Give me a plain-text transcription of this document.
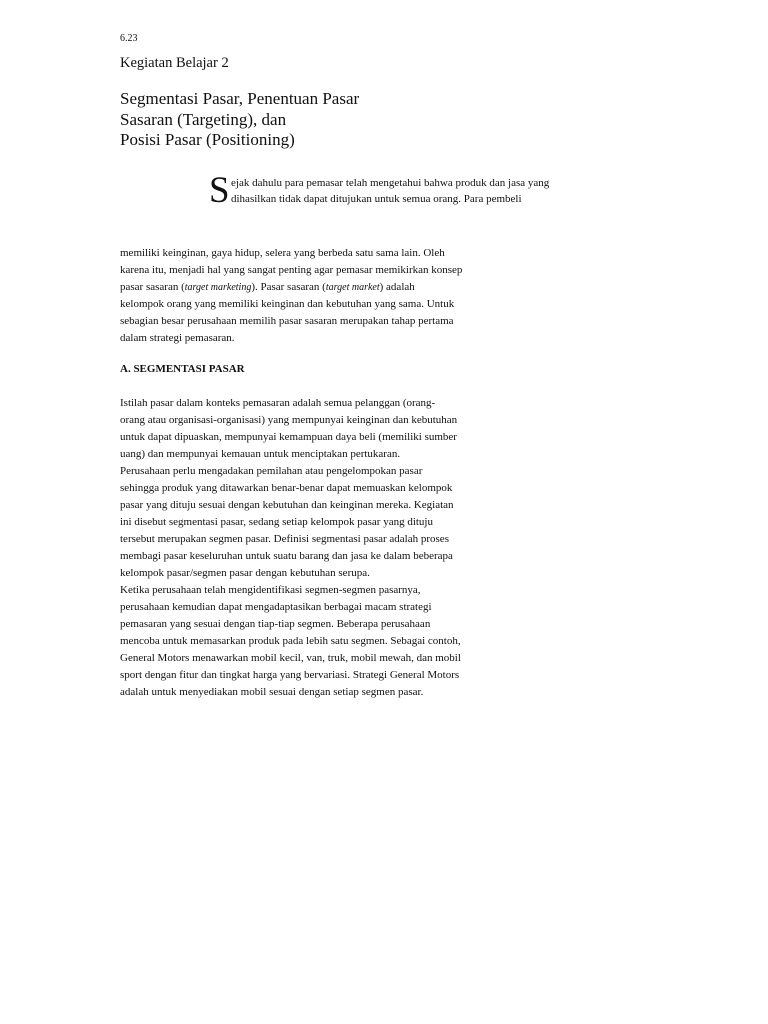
6.23
Kegiatan Belajar 2
Segmentasi Pasar, Penentuan Pasar
Sasaran (Targeting), dan
Posisi Pasar (Positioning)
S ejak dahulu para pemasar telah mengetahui bahwa produk dan jasa yang
dihasilkan tidak dapat ditujukan untuk semua orang. Para pembeli
memiliki keinginan, gaya hidup, selera yang berbeda satu sama lain. Oleh
karena itu, menjadi hal yang sangat penting agar pemasar memikirkan konsep
pasar sasaran (target marketing). Pasar sasaran (target market) adalah
kelompok orang yang memiliki keinginan dan kebutuhan yang sama. Untuk
sebagian besar perusahaan memilih pasar sasaran merupakan tahap pertama
dalam strategi pemasaran.
A. SEGMENTASI PASAR
Istilah pasar dalam konteks pemasaran adalah semua pelanggan (orang-
orang atau organisasi-organisasi) yang mempunyai keinginan dan kebutuhan
untuk dapat dipuaskan, mempunyai kemampuan daya beli (memiliki sumber
uang) dan mempunyai kemauan untuk menciptakan pertukaran.
Perusahaan perlu mengadakan pemilahan atau pengelompokan pasar
sehingga produk yang ditawarkan benar-benar dapat memuaskan kelompok
pasar yang dituju sesuai dengan kebutuhan dan keinginan mereka. Kegiatan
ini disebut segmentasi pasar, sedang setiap kelompok pasar yang dituju
tersebut merupakan segmen pasar. Definisi segmentasi pasar adalah proses
membagi pasar keseluruhan untuk suatu barang dan jasa ke dalam beberapa
kelompok pasar/segmen pasar dengan kebutuhan serupa.
Ketika perusahaan telah mengidentifikasi segmen-segmen pasarnya,
perusahaan kemudian dapat mengadaptasikan berbagai macam strategi
pemasaran yang sesuai dengan tiap-tiap segmen. Beberapa perusahaan
mencoba untuk memasarkan produk pada lebih satu segmen. Sebagai contoh,
General Motors menawarkan mobil kecil, van, truk, mobil mewah, dan mobil
sport dengan fitur dan tingkat harga yang bervariasi. Strategi General Motors
adalah untuk menyediakan mobil sesuai dengan setiap segmen pasar.
